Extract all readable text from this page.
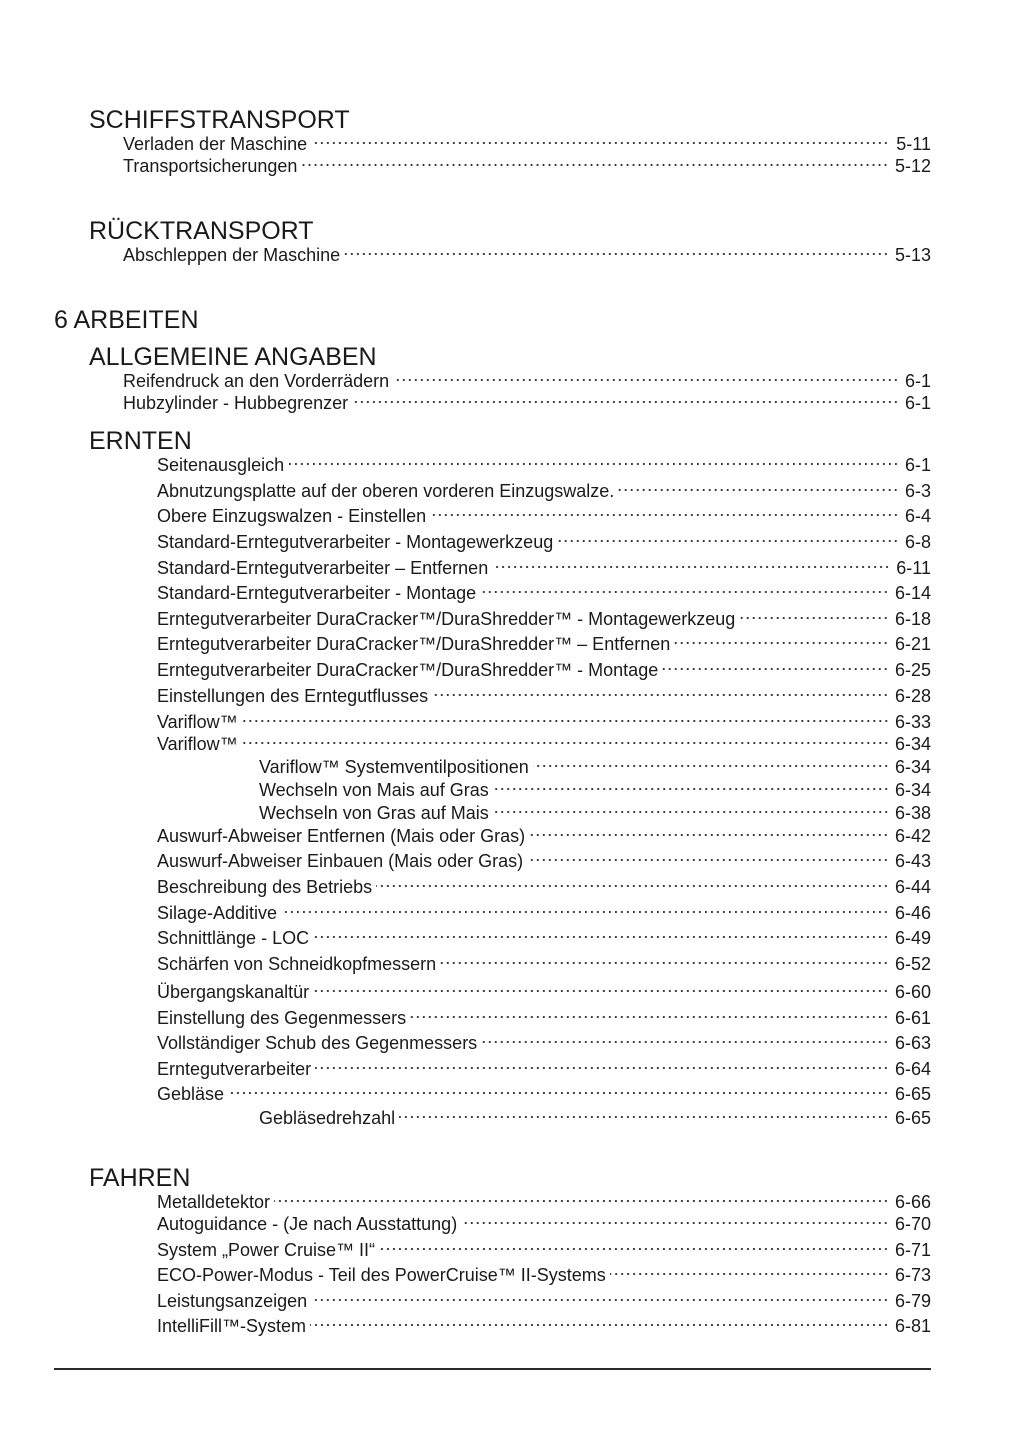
SCHIFFSTRANSPORT
Verladen der Maschine	5-11
Transportsicherungen	5-12
RÜCKTRANSPORT
Abschleppen der Maschine	5-13
6 ARBEITEN
ALLGEMEINE ANGABEN
Reifendruck an den Vorderrädern	6-1
Hubzylinder - Hubbegrenzer	6-1
ERNTEN
Seitenausgleich	6-1
Abnutzungsplatte auf der oberen vorderen Einzugswalze.	6-3
Obere Einzugswalzen - Einstellen	6-4
Standard-Erntegutverarbeiter - Montagewerkzeug	6-8
Standard-Erntegutverarbeiter – Entfernen	6-11
Standard-Erntegutverarbeiter - Montage	6-14
Erntegutverarbeiter DuraCracker™/DuraShredder™ - Montagewerkzeug	6-18
Erntegutverarbeiter DuraCracker™/DuraShredder™ – Entfernen	6-21
Erntegutverarbeiter DuraCracker™/DuraShredder™ - Montage	6-25
Einstellungen des Erntegutflusses	6-28
Variflow™	6-33
Variflow™	6-34
Variflow™ Systemventilpositionen	6-34
Wechseln von Mais auf Gras	6-34
Wechseln von Gras auf Mais	6-38
Auswurf-Abweiser Entfernen (Mais oder Gras)	6-42
Auswurf-Abweiser Einbauen (Mais oder Gras)	6-43
Beschreibung des Betriebs	6-44
Silage-Additive	6-46
Schnittlänge - LOC	6-49
Schärfen von Schneidkopfmessern	6-52
Übergangskanaltür	6-60
Einstellung des Gegenmessers	6-61
Vollständiger Schub des Gegenmessers	6-63
Erntegutverarbeiter	6-64
Gebläse	6-65
Gebläsedrehzahl	6-65
FAHREN
Metalldetektor	6-66
Autoguidance - (Je nach Ausstattung)	6-70
System „Power Cruise™ II“	6-71
ECO-Power-Modus - Teil des PowerCruise™ II-Systems	6-73
Leistungsanzeigen	6-79
IntelliFill™-System	6-81
